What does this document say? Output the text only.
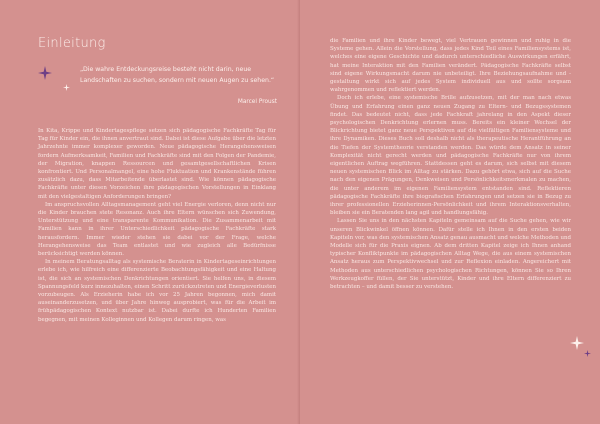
Einleitung
„Die wahre Entdeckungsreise besteht nicht darin, neue Landschaften zu suchen, sondern mit neuen Augen zu sehen.“
Marcel Proust

In Kita, Krippe und Kindertagespflege setzen sich pädagogische Fachkräfte Tag für Tag für Kinder ein, die ihnen anvertraut sind. Dabei ist diese Aufgabe über die letzten Jahrzehnte immer komplexer geworden. Neue pädagogische Herangehensweisen fordern Aufmerksamkeit, Familien und Fachkräfte sind mit den Folgen der Pandemie, der Migration, knappen Ressourcen und gesamtgesellschaftlichen Krisen konfrontiert. Und Personalmangel, eine hohe Fluktuation und Krankenstände führen zusätzlich dazu, dass Mitarbeitende überlastet sind. Wie können pädagogische Fachkräfte unter diesen Vorzeichen ihre pädagogischen Vorstellungen in Einklang mit den vielgestaltigen Anforderungen bringen?

Im anspruchsvollen Alltagsmanagement geht viel Energie verloren, denn nicht nur die Kinder brauchen stete Resonanz. Auch ihre Eltern wünschen sich Zuwendung, Unterstützung und eine transparente Kommunikation. Die Zusammenarbeit mit Familien kann in ihrer Unterschiedlichkeit pädagogische Fachkräfte stark herausfordern. Immer wieder stehen sie dabei vor der Frage, welche Herangehensweise das Team entlastet und wie zugleich alle Bedürfnisse berücksichtigt werden können.

In meinem Beratungsalltag als systemische Beraterin in Kindertageseinrichtungen erlebe ich, wie hilfreich eine differenzierte Beobachtungsfähigkeit und eine Haltung ist, die sich an systemischen Denkrichtungen orientiert. Sie helfen uns, in diesem Spannungsfeld kurz innezuhalten, einen Schritt zurückzutreten und Energieverlusten vorzubeugen. Als Erzieherin habe ich vor 25 Jahren begonnen, mich damit auseinanderzusetzen, und über Jahre hinweg ausprobiert, was für die Arbeit im frühpädagogischen Kontext nutzbar ist. Dabei durfte ich Hunderten Familien begegnen, mit meinen Kolleginnen und Kollegen darum ringen, was

die Familien und ihre Kinder bewegt, viel Vertrauen gewinnen und ruhig in die Systeme gehen. Allein die Vorstellung, dass jedes Kind Teil eines Familiensystems ist, welches eine eigene Geschichte und dadurch unterschiedliche Auswirkungen erfährt, hat meine Interaktion mit den Familien verändert. Pädagogische Fachkräfte selbst sind eigene Wirkungsmacht darum nie unbeteiligt. Ihre Beziehungsaufnahme und -gestaltung wirkt sich auf jedes System individuell aus und sollte sorgsam wahrgenommen und reflektiert werden.

Doch ich erlebe, eine systemische Brille aufzusetzen, mit der man nach etwas Übung und Erfahrung einen ganz neuen Zugang zu Eltern- und Bezugssystemen findet. Das bedeutet nicht, dass jede Fachkraft jahrelang in den Aspekt dieser psychologischen Denkrichtung erlernen muss. Bereits ein kleiner Wechsel der Blickrichtung bietet ganz neue Perspektiven auf die vielfältigen Familiensysteme und ihre Dynamiken. Dieses Buch soll deshalb nicht als therapeutische Herantführung an die Tiefen der Systemtheorie verstanden werden. Das würde dem Ansatz in seiner Komplexität nicht gerecht werden und pädagogische Fachkräfte nur von ihrem eigentlichen Auftrag wegführen. Stattdessen geht es darum, sich selbst mit diesem neuen systemischen Blick im Alltag zu stärken. Dazu gehört etwa, sich auf die Suche nach den eigenen Prägungen, Denkweisen und Persönlichkeitsmerkmalen zu machen, die unter anderem im eigenen Familiensystem entstanden sind. Reflektieren pädagogische Fachkräfte ihre biografischen Erfahrungen und setzen sie in Bezug zu ihrer professionellen Erzieherinnen-Persönlichkeit und ihrem Interaktionsverhalten, bleiben sie ein Beratenden lang agil und handlungsfähig.

Lassen Sie uns in den nächsten Kapiteln gemeinsam auf die Suche gehen, wie wir unseren Blickwinkel öffnen können. Dafür stelle ich Ihnen in den ersten beiden Kapiteln vor, was den systemischen Ansatz genau ausmacht und welche Methoden und Modelle sich für die Praxis eignen. Ab dem dritten Kapitel zeige ich Ihnen anhand typischer Konfliktpunkte im pädagogischen Alltag Wege, die aus einem systemischen Ansatz heraus zum Perspektivwechsel und zur Reflexion einladen. Angereichert mit Methoden aus unterschiedlichen psychologischen Richtungen, können Sie so Ihren Werkzeugkoffer füllen, der Sie unterstützt, Kinder und ihre Eltern differenziert zu betrachten – und damit besser zu verstehen.
